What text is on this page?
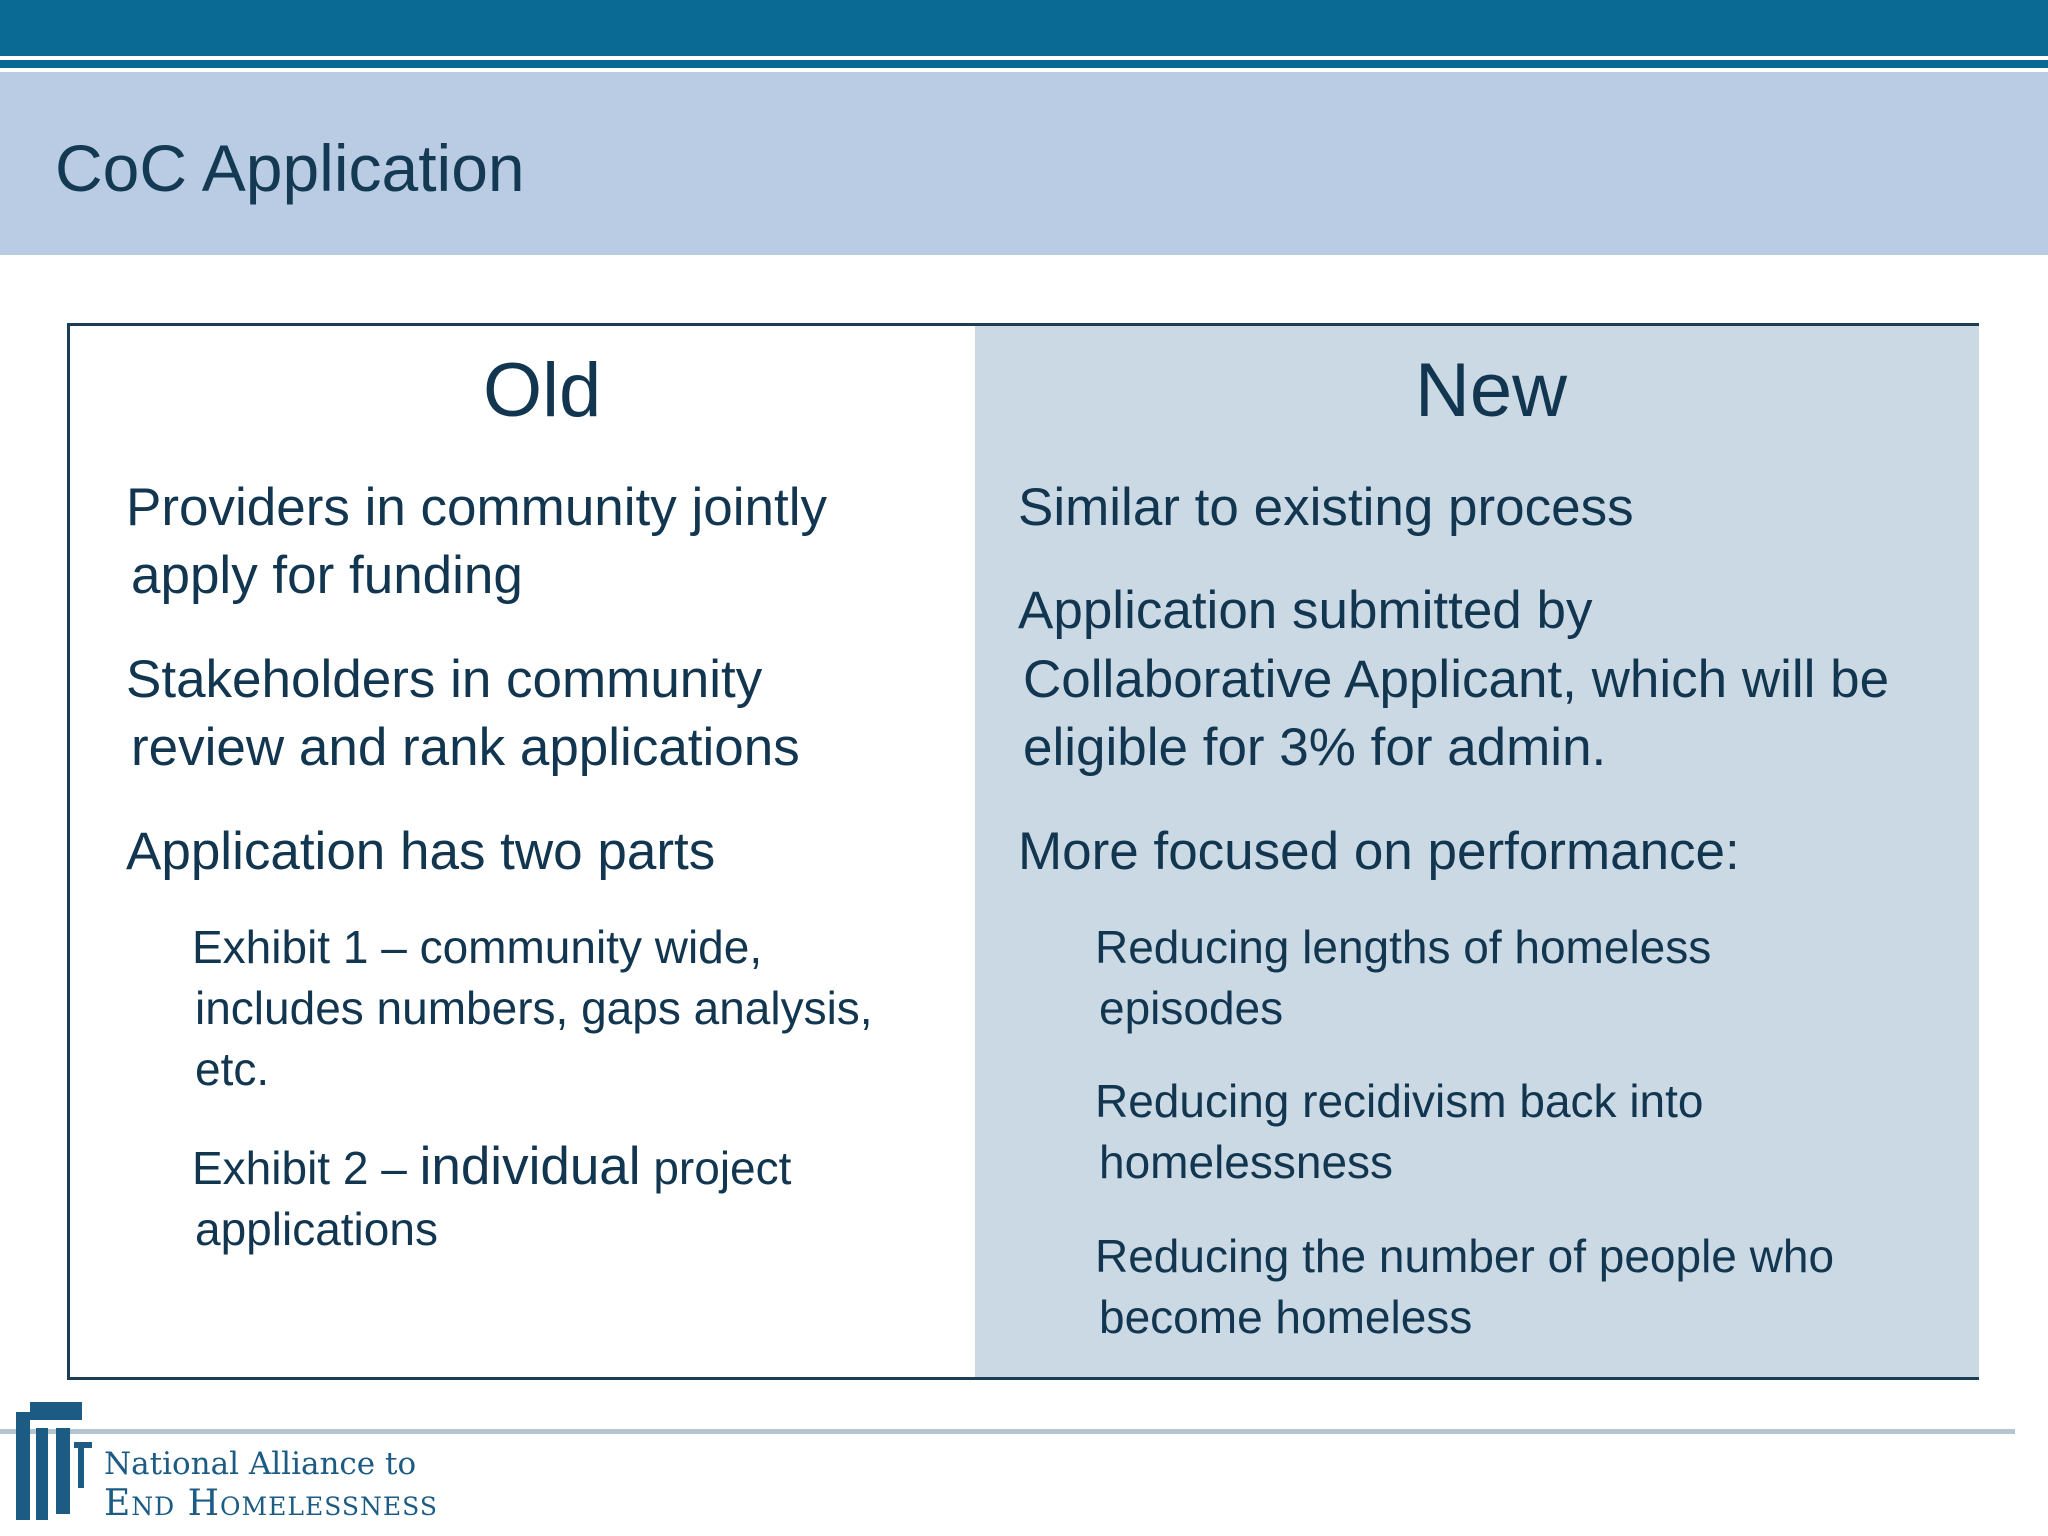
CoC Application
Old
Providers in community jointly
apply for funding
Stakeholders in community
review and rank applications
Application has two parts
Exhibit 1 – community wide,
includes numbers, gaps analysis,
etc.
Exhibit 2 – individual project
applications
New
Similar to existing process
Application submitted by
Collaborative Applicant, which will be
eligible for 3% for admin.
More focused on performance:
Reducing lengths of homeless
episodes
Reducing recidivism back into
homelessness
Reducing the number of people who
become homeless
National Alliance to
End Homelessness
